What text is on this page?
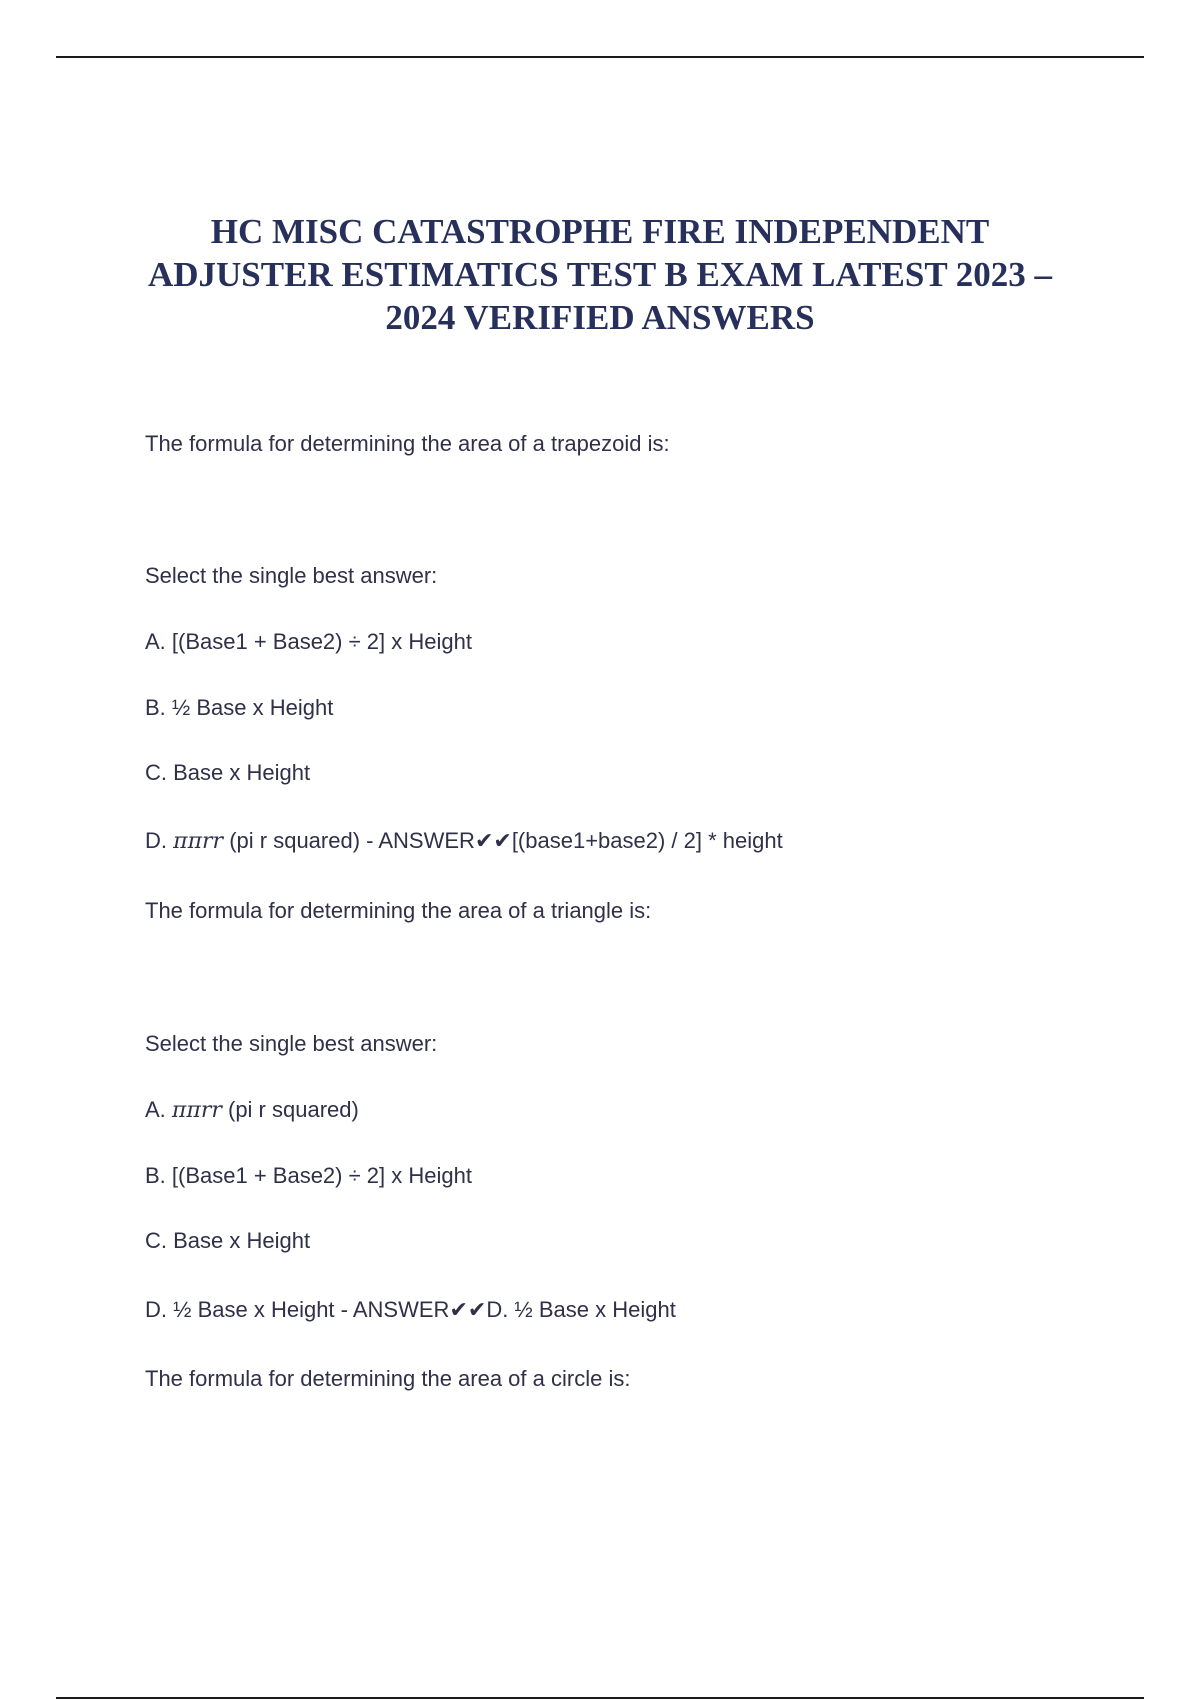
HC MISC CATASTROPHE FIRE INDEPENDENT ADJUSTER ESTIMATICS TEST B EXAM LATEST 2023 – 2024 VERIFIED ANSWERS

The formula for determining the area of a trapezoid is:

Select the single best answer:

A. [(Base1 + Base2) ÷ 2] x Height

B. ½ Base x Height

C. Base x Height

D. ππrr (pi r squared) - ANSWER✔✔[(base1+base2) / 2] * height

The formula for determining the area of a triangle is:

Select the single best answer:

A. ππrr (pi r squared)

B. [(Base1 + Base2) ÷ 2] x Height

C. Base x Height

D. ½ Base x Height - ANSWER✔✔D. ½ Base x Height

The formula for determining the area of a circle is:
